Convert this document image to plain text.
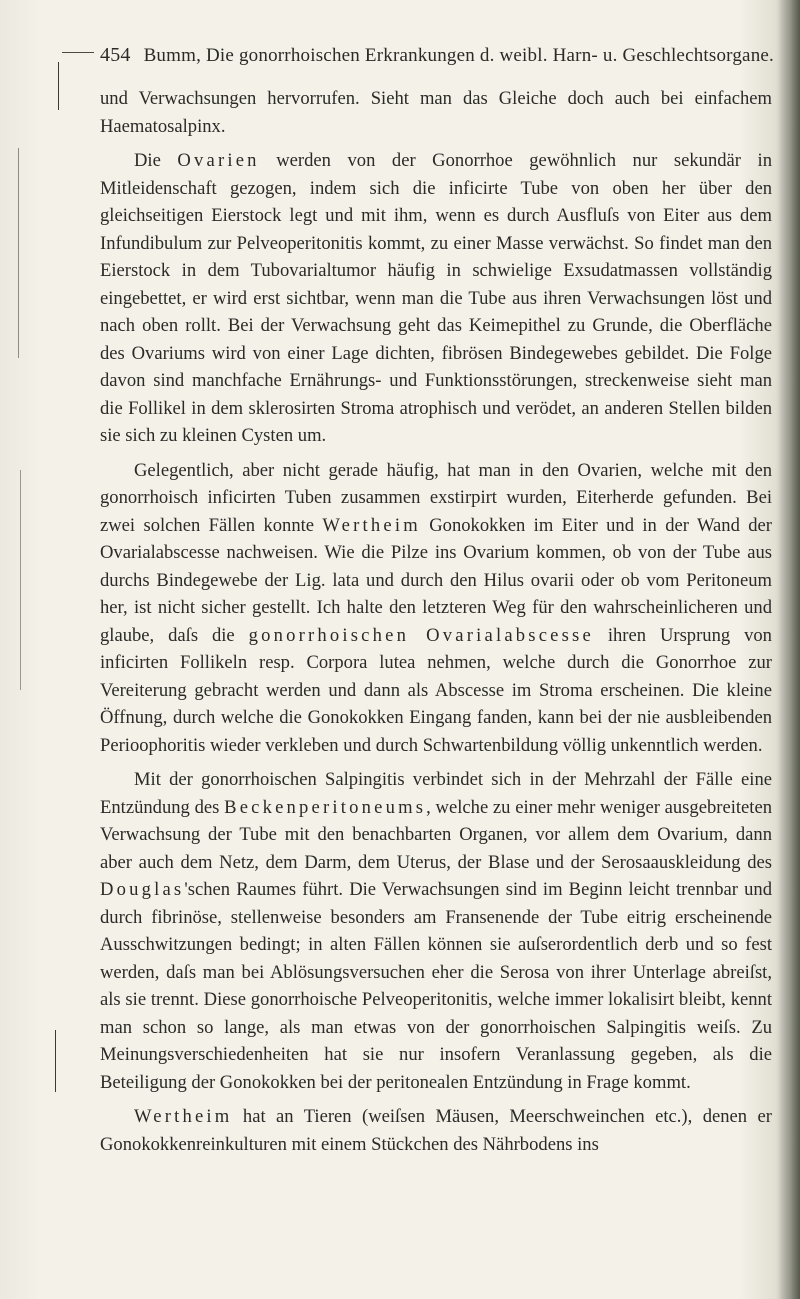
454 Bumm, Die gonorrhoischen Erkrankungen d. weibl. Harn- u. Geschlechtsorgane.

und Verwachsungen hervorrufen. Sieht man das Gleiche doch auch bei einfachem Haematosalpinx.

Die Ovarien werden von der Gonorrhoe gewöhnlich nur sekundär in Mitleidenschaft gezogen, indem sich die inficirte Tube von oben her über den gleichseitigen Eierstock legt und mit ihm, wenn es durch Ausfluſs von Eiter aus dem Infundibulum zur Pelveoperitonitis kommt, zu einer Masse verwächst. So findet man den Eierstock in dem Tubovarialtumor häufig in schwielige Exsudatmassen vollständig eingebettet, er wird erst sichtbar, wenn man die Tube aus ihren Verwachsungen löst und nach oben rollt. Bei der Verwachsung geht das Keimepithel zu Grunde, die Oberfläche des Ovariums wird von einer Lage dichten, fibrösen Bindegewebes gebildet. Die Folge davon sind manchfache Ernährungs- und Funktionsstörungen, streckenweise sieht man die Follikel in dem sklerosirten Stroma atrophisch und verödet, an anderen Stellen bilden sie sich zu kleinen Cysten um.

Gelegentlich, aber nicht gerade häufig, hat man in den Ovarien, welche mit den gonorrhoisch inficirten Tuben zusammen exstirpirt wurden, Eiterherde gefunden. Bei zwei solchen Fällen konnte Wertheim Gonokokken im Eiter und in der Wand der Ovarialabscesse nachweisen. Wie die Pilze ins Ovarium kommen, ob von der Tube aus durchs Bindegewebe der Lig. lata und durch den Hilus ovarii oder ob vom Peritoneum her, ist nicht sicher gestellt. Ich halte den letzteren Weg für den wahrscheinlicheren und glaube, daſs die gonorrhoischen Ovarialabscesse ihren Ursprung von inficirten Follikeln resp. Corpora lutea nehmen, welche durch die Gonorrhoe zur Vereiterung gebracht werden und dann als Abscesse im Stroma erscheinen. Die kleine Öffnung, durch welche die Gonokokken Eingang fanden, kann bei der nie ausbleibenden Perioophoritis wieder verkleben und durch Schwartenbildung völlig unkenntlich werden.

Mit der gonorrhoischen Salpingitis verbindet sich in der Mehrzahl der Fälle eine Entzündung des Beckenperitoneums, welche zu einer mehr weniger ausgebreiteten Verwachsung der Tube mit den benachbarten Organen, vor allem dem Ovarium, dann aber auch dem Netz, dem Darm, dem Uterus, der Blase und der Serosaauskleidung des Douglas'schen Raumes führt. Die Verwachsungen sind im Beginn leicht trennbar und durch fibrinöse, stellenweise besonders am Fransenende der Tube eitrig erscheinende Ausschwitzungen bedingt; in alten Fällen können sie auſserordentlich derb und so fest werden, daſs man bei Ablösungsversuchen eher die Serosa von ihrer Unterlage abreiſst, als sie trennt. Diese gonorrhoische Pelveoperitonitis, welche immer lokalisirt bleibt, kennt man schon so lange, als man etwas von der gonorrhoischen Salpingitis weiſs. Zu Meinungsverschiedenheiten hat sie nur insofern Veranlassung gegeben, als die Beteiligung der Gonokokken bei der peritonealen Entzündung in Frage kommt.

Wertheim hat an Tieren (weiſsen Mäusen, Meerschweinchen etc.), denen er Gonokokkenreinkulturen mit einem Stückchen des Nährbodens ins
